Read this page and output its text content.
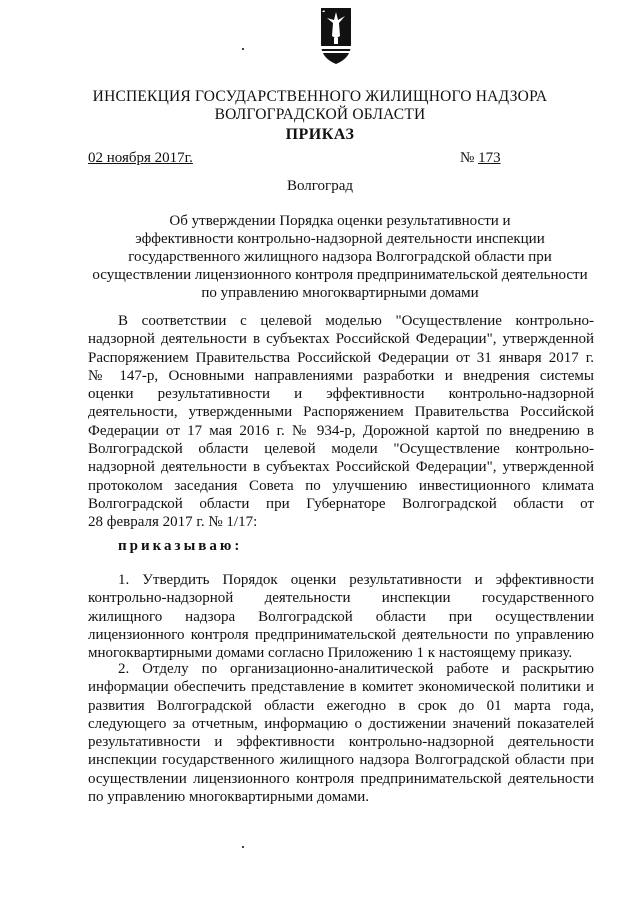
ИНСПЕКЦИЯ ГОСУДАРСТВЕННОГО ЖИЛИЩНОГО НАДЗОРА
ВОЛГОГРАДСКОЙ ОБЛАСТИ
ПРИКАЗ
02 ноября 2017г.	№ 173
Волгоград
Об утверждении Порядка оценки результативности и
эффективности контрольно-надзорной деятельности инспекции
государственного жилищного надзора Волгоградской области при
осуществлении лицензионного контроля предпринимательской деятельности
по управлению многоквартирными домами
В соответствии с целевой моделью "Осуществление контрольно-
надзорной деятельности в субъектах Российской Федерации", утвержденной
Распоряжением Правительства Российской Федерации от 31 января 2017 г.
№ 147-р, Основными направлениями разработки и внедрения системы
оценки результативности и эффективности контрольно-надзорной
деятельности, утвержденными Распоряжением Правительства Российской
Федерации от 17 мая 2016 г. № 934-р, Дорожной картой по внедрению в
Волгоградской области целевой модели "Осуществление контрольно-
надзорной деятельности в субъектах Российской Федерации", утвержденной
протоколом заседания Совета по улучшению инвестиционного климата
Волгоградской области при Губернаторе Волгоградской области от
28 февраля 2017 г. № 1/17:
приказываю:
1. Утвердить Порядок оценки результативности и эффективности
контрольно-надзорной деятельности инспекции государственного
жилищного надзора Волгоградской области при осуществлении
лицензионного контроля предпринимательской деятельности по управлению
многоквартирными домами согласно Приложению 1 к настоящему приказу.
2. Отделу по организационно-аналитической работе и раскрытию
информации обеспечить представление в комитет экономической политики и
развития Волгоградской области ежегодно в срок до 01 марта года,
следующего за отчетным, информацию о достижении значений показателей
результативности и эффективности контрольно-надзорной деятельности
инспекции государственного жилищного надзора Волгоградской области при
осуществлении лицензионного контроля предпринимательской деятельности
по управлению многоквартирными домами.
